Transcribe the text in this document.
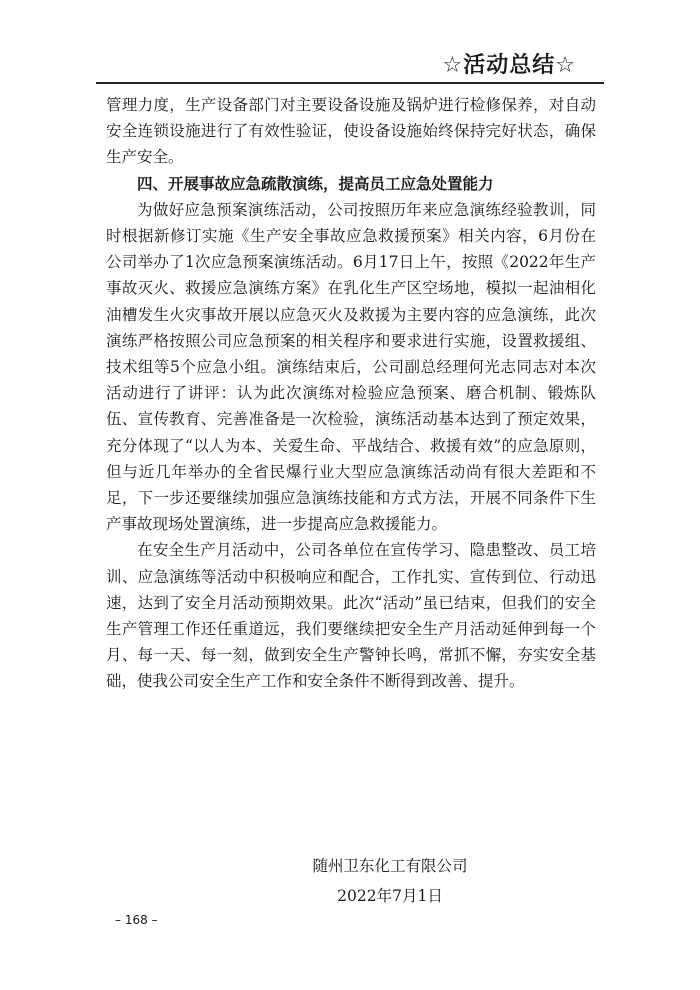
☆活动总结☆

管理力度，生产设备部门对主要设备设施及锅炉进行检修保养，对自动安全连锁设施进行了有效性验证，使设备设施始终保持完好状态，确保生产安全。

四、开展事故应急疏散演练，提高员工应急处置能力

为做好应急预案演练活动，公司按照历年来应急演练经验教训，同时根据新修订实施《生产安全事故应急救援预案》相关内容，6月份在公司举办了1次应急预案演练活动。6月17日上午，按照《2022年生产事故灭火、救援应急演练方案》在乳化生产区空场地，模拟一起油相化油槽发生火灾事故开展以应急灭火及救援为主要内容的应急演练，此次演练严格按照公司应急预案的相关程序和要求进行实施，设置救援组、技术组等5个应急小组。演练结束后，公司副总经理何光志同志对本次活动进行了讲评：认为此次演练对检验应急预案、磨合机制、锻炼队伍、宣传教育、完善准备是一次检验，演练活动基本达到了预定效果，充分体现了“以人为本、关爱生命、平战结合、救援有效”的应急原则，但与近几年举办的全省民爆行业大型应急演练活动尚有很大差距和不足，下一步还要继续加强应急演练技能和方式方法，开展不同条件下生产事故现场处置演练，进一步提高应急救援能力。

在安全生产月活动中，公司各单位在宣传学习、隐患整改、员工培训、应急演练等活动中积极响应和配合，工作扎实、宣传到位、行动迅速，达到了安全月活动预期效果。此次“活动”虽已结束，但我们的安全生产管理工作还任重道远，我们要继续把安全生产月活动延伸到每一个月、每一天、每一刻，做到安全生产警钟长鸣，常抓不懈，夯实安全基础，使我公司安全生产工作和安全条件不断得到改善、提升。

随州卫东化工有限公司
2022年7月1日
– 168 –
